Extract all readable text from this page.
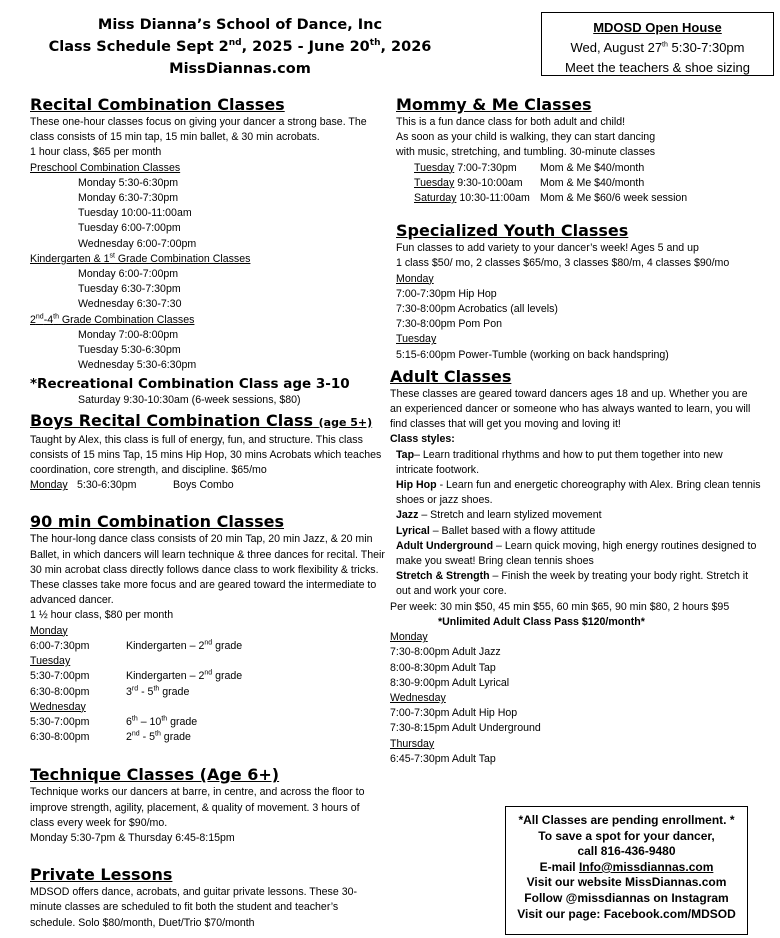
Miss Dianna’s School of Dance, Inc
Class Schedule Sept 2nd, 2025 - June 20th, 2026
MissDiannas.com
MDOSD Open House
Wed, August 27th 5:30-7:30pm
Meet the teachers & shoe sizing
Recital Combination Classes

These one-hour classes focus on giving your dancer a strong base. The class consists of 15 min tap, 15 min ballet, & 30 min acrobats.

1 hour class, $65 per month

Preschool Combination Classes

Monday 5:30-6:30pm
Monday 6:30-7:30pm
Tuesday 10:00-11:00am
Tuesday 6:00-7:00pm
Wednesday 6:00-7:00pm

Kindergarten & 1st Grade Combination Classes

Monday 6:00-7:00pm
Tuesday 6:30-7:30pm
Wednesday 6:30-7:30

2nd-4th Grade Combination Classes

Monday 7:00-8:00pm
Tuesday 5:30-6:30pm
Wednesday 5:30-6:30pm
*Recreational Combination Class age 3-10
Saturday 9:30-10:30am (6-week sessions, $80)
Boys Recital Combination Class (age 5+)

Taught by Alex, this class is full of energy, fun, and structure. This class consists of 15 mins Tap, 15 mins Hip Hop, 30 mins Acrobats which teaches coordination, core strength, and discipline. $65/mo

Monday 5:30-6:30pm	Boys Combo
90 min Combination Classes

The hour-long dance class consists of 20 min Tap, 20 min Jazz, & 20 min Ballet, in which dancers will learn technique & three dances for recital. Their 30 min acrobat class directly follows dance class to work flexibility & tricks. These classes take more focus and are geared toward the intermediate to advanced dancer.

1 ½ hour class, $80 per month

Monday
6:00-7:30pm	Kindergarten – 2nd grade
Tuesday
5:30-7:00pm	Kindergarten – 2nd grade
6:30-8:00pm	3rd - 5th grade
Wednesday
5:30-7:00pm	6th – 10th grade
6:30-8:00pm	2nd - 5th grade
Technique Classes (Age 6+)

Technique works our dancers at barre, in centre, and across the floor to improve strength, agility, placement, & quality of movement. 3 hours of class every week for $90/mo.

Monday 5:30-7pm & Thursday 6:45-8:15pm

Private Lessons

MDSOD offers dance, acrobats, and guitar private lessons. These 30-minute classes are scheduled to fit both the student and teacher’s schedule. Solo $80/month, Duet/Trio $70/month

Mommy & Me Classes

This is a fun dance class for both adult and child!

As soon as your child is walking, they can start dancing

with music, stretching, and tumbling. 30-minute classes

Tuesday 7:00-7:30pm	Mom & Me $40/month
Tuesday 9:30-10:00am	Mom & Me $40/month
Saturday 10:30-11:00am Mom & Me $60/6 week session
Specialized Youth Classes

Fun classes to add variety to your dancer’s week! Ages 5 and up

1 class $50/ mo, 2 classes $65/mo, 3 classes $80/m, 4 classes $90/mo

Monday
7:00-7:30pm Hip Hop
7:30-8:00pm Acrobatics (all levels)
7:30-8:00pm Pom Pon
Tuesday
5:15-6:00pm Power-Tumble (working on back handspring)
Adult Classes

These classes are geared toward dancers ages 18 and up. Whether you are an experienced dancer or someone who has always wanted to learn, you will find classes that will get you moving and loving it!

Class styles:

Tap– Learn traditional rhythms and how to put them together into new intricate footwork.
Hip Hop - Learn fun and energetic choreography with Alex. Bring clean tennis shoes or jazz shoes.
Jazz – Stretch and learn stylized movement
Lyrical – Ballet based with a flowy attitude
Adult Underground – Learn quick moving, high energy routines designed to make you sweat! Bring clean tennis shoes
Stretch & Strength – Finish the week by treating your body right. Stretch it out and work your core.

Per week: 30 min $50, 45 min $55, 60 min $65, 90 min $80, 2 hours $95

*Unlimited Adult Class Pass $120/month*

Monday
7:30-8:00pm Adult Jazz
8:00-8:30pm Adult Tap
8:30-9:00pm Adult Lyrical
Wednesday
7:00-7:30pm Adult Hip Hop
7:30-8:15pm Adult Underground
Thursday
6:45-7:30pm Adult Tap
*All Classes are pending enrollment. *
To save a spot for your dancer,
call 816-436-9480
E-mail Info@missdiannas.com
Visit our website MissDiannas.com
Follow @missdiannas on Instagram
Visit our page: Facebook.com/MDSOD
